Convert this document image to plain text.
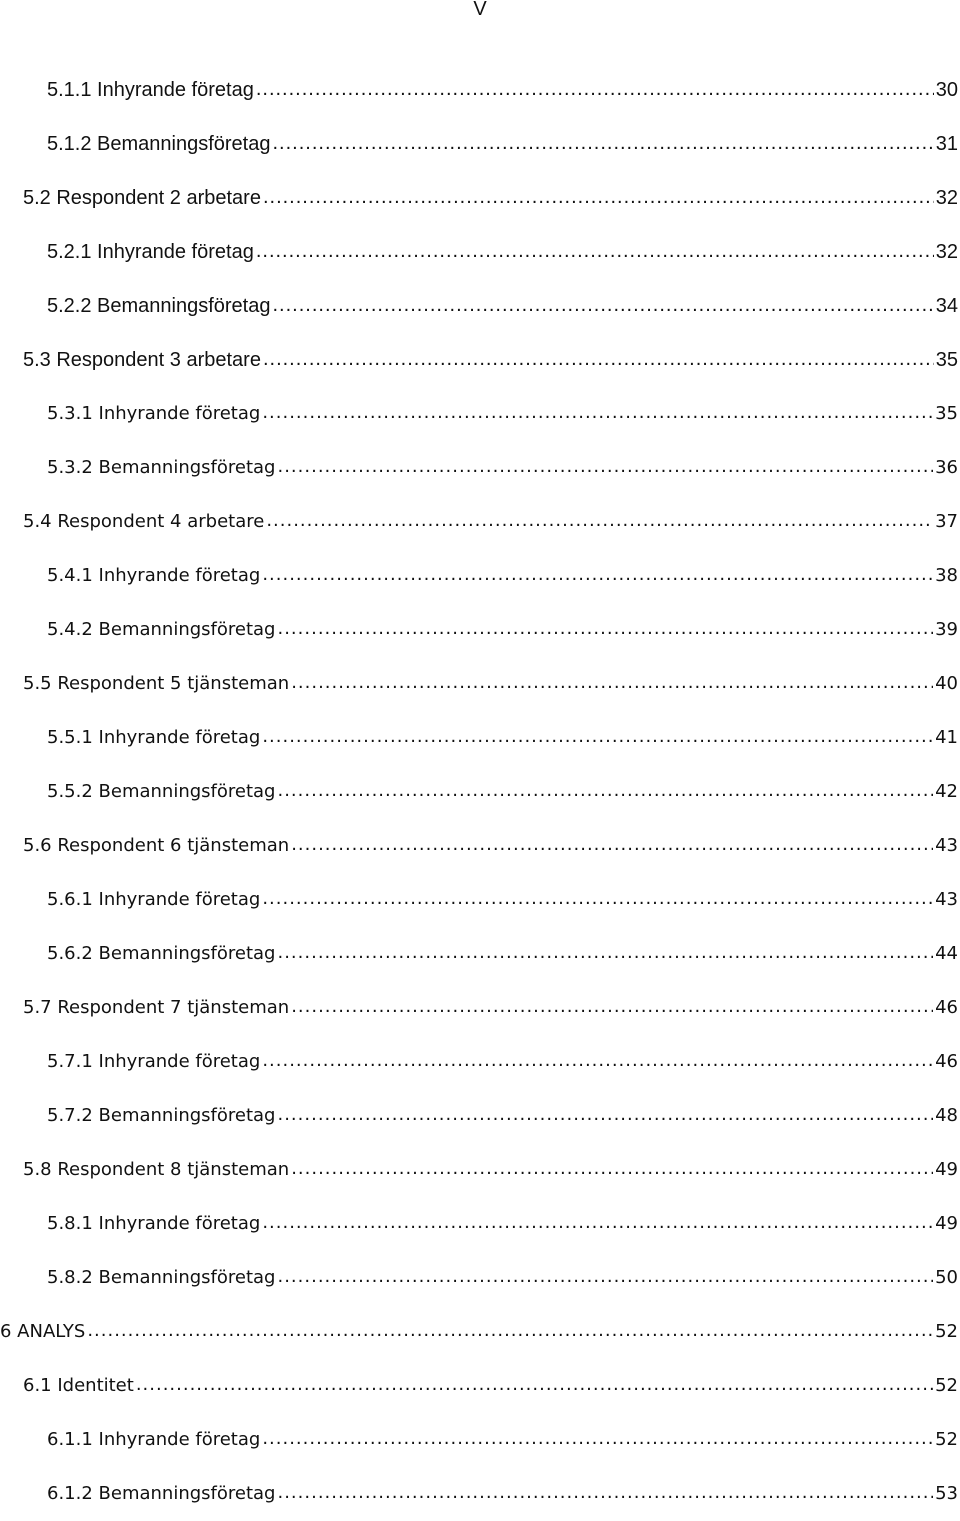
V
5.1.1 Inhyrande företag .....	30
5.1.2 Bemanningsföretag .....	31
5.2 Respondent 2 arbetare .....	32
5.2.1 Inhyrande företag .....	32
5.2.2 Bemanningsföretag .....	34
5.3 Respondent 3 arbetare .....	35
5.3.1 Inhyrande företag .....	35
5.3.2 Bemanningsföretag .....	36
5.4 Respondent 4 arbetare .....	37
5.4.1 Inhyrande företag .....	38
5.4.2 Bemanningsföretag .....	39
5.5 Respondent 5 tjänsteman .....	40
5.5.1 Inhyrande företag .....	41
5.5.2 Bemanningsföretag .....	42
5.6 Respondent 6 tjänsteman .....	43
5.6.1 Inhyrande företag .....	43
5.6.2 Bemanningsföretag .....	44
5.7 Respondent 7 tjänsteman .....	46
5.7.1 Inhyrande företag .....	46
5.7.2 Bemanningsföretag .....	48
5.8 Respondent 8 tjänsteman .....	49
5.8.1 Inhyrande företag .....	49
5.8.2 Bemanningsföretag .....	50
6 ANALYS .....	52
6.1 Identitet .....	52
6.1.1 Inhyrande företag .....	52
6.1.2 Bemanningsföretag .....	53
